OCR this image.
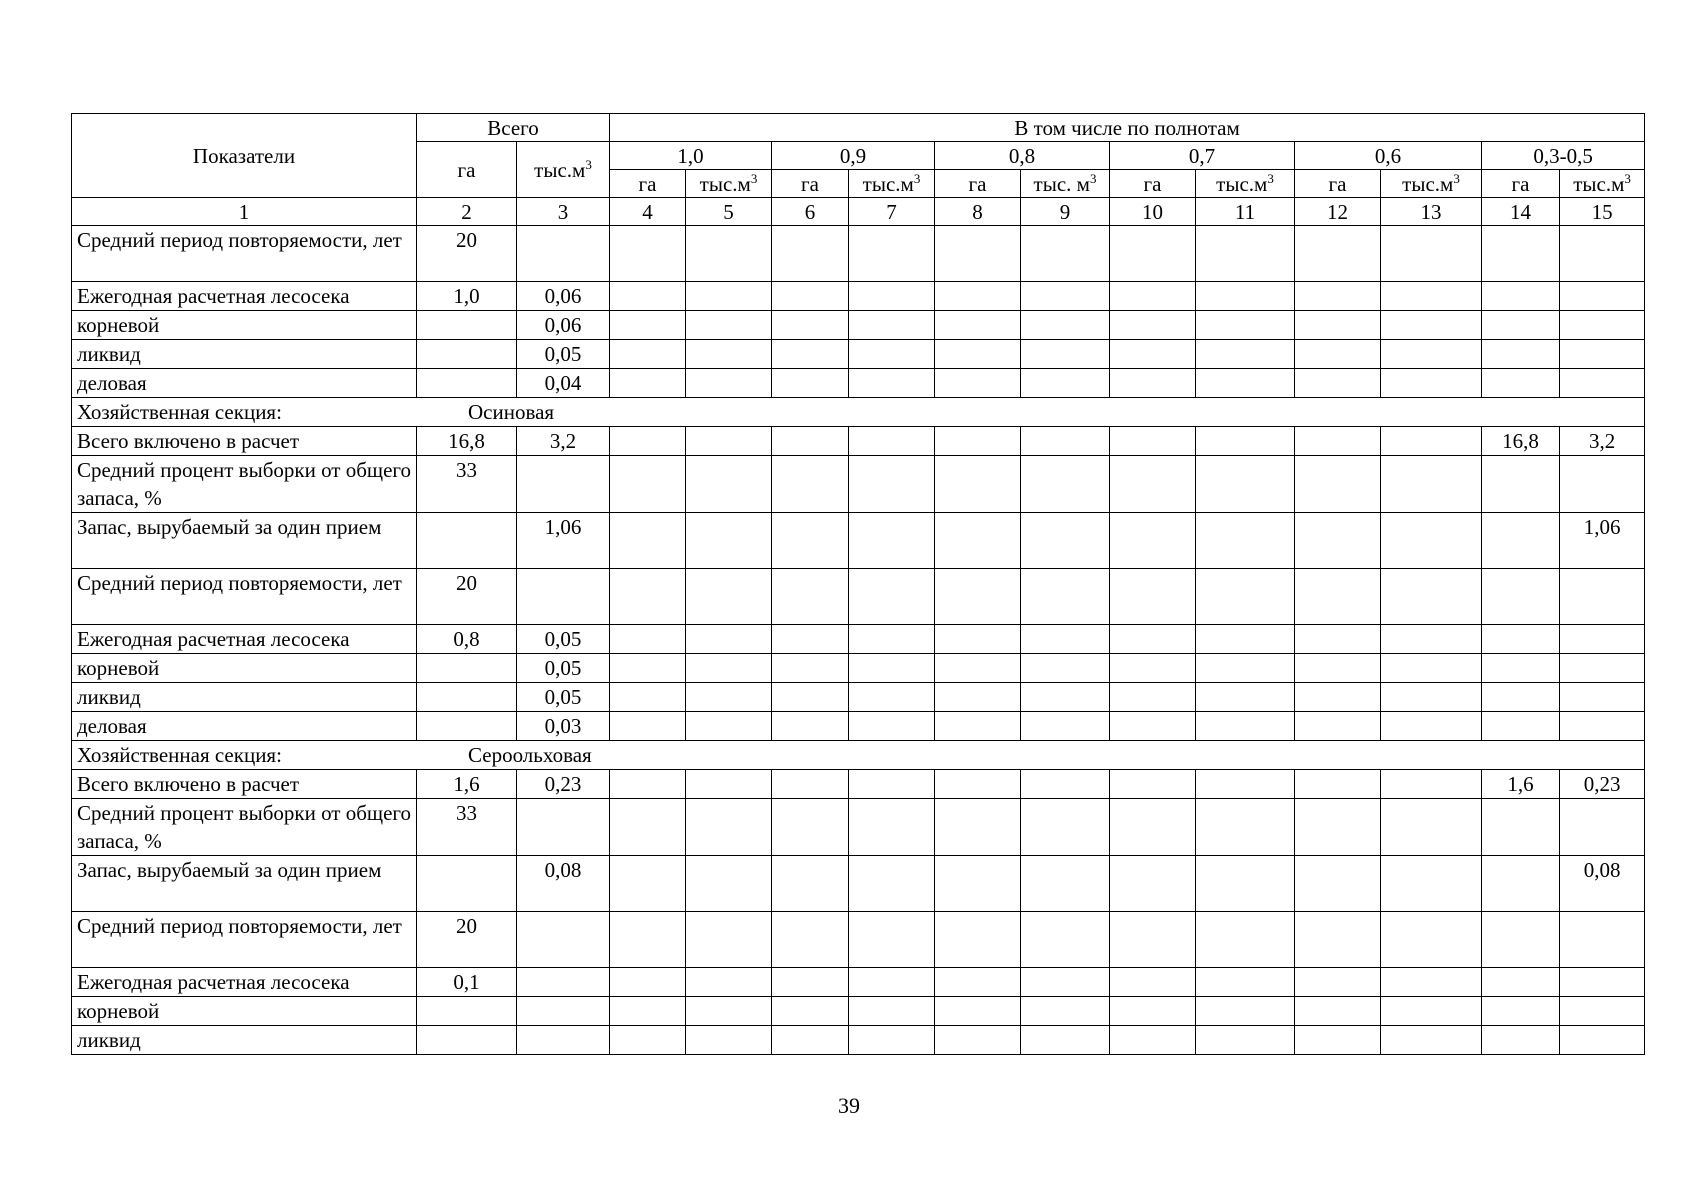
Показатели	Всего		В том числе по полнотам											
	га	$тыс.м^3$	1,0		0,9		0,8		0,7		0,6		0,3-0,5	
			га	$тыс.м^3$	га	$тыс.м^3$	га	тыс. $м^3$	га	$тыс.м^3$	га	$тыс.м^3$	га	$тыс.м^3$
1	2	3	4	5	6	7	8	9	10	11	12	13	14	15
Средний период повторяемости, лет	20													
Ежегодная расчетная лесосека	1,0	0,06												
корневой		0,06												
ликвид		0,05												
деловая		0,04												

Хозяйственная секция: Осиновая														

Всего включено в расчет	16,8	3,2											16,8	3,2
Средний процент выборки от общего запаса, %	33													
Запас, вырубаемый за один прием		1,06												1,06
Средний период повторяемости, лет	20													
Ежегодная расчетная лесосека	0,8	0,05												
корневой		0,05												
ликвид		0,05												
деловая		0,03												

Хозяйственная секция: Сероольховая														

Всего включено в расчет	1,6	0,23											1,6	0,23
Средний процент выборки от общего запаса, %	33													
Запас, вырубаемый за один прием		0,08												0,08
Средний период повторяемости, лет	20													
Ежегодная расчетная лесосека	0,1													
корневой														
ликвид														
39
